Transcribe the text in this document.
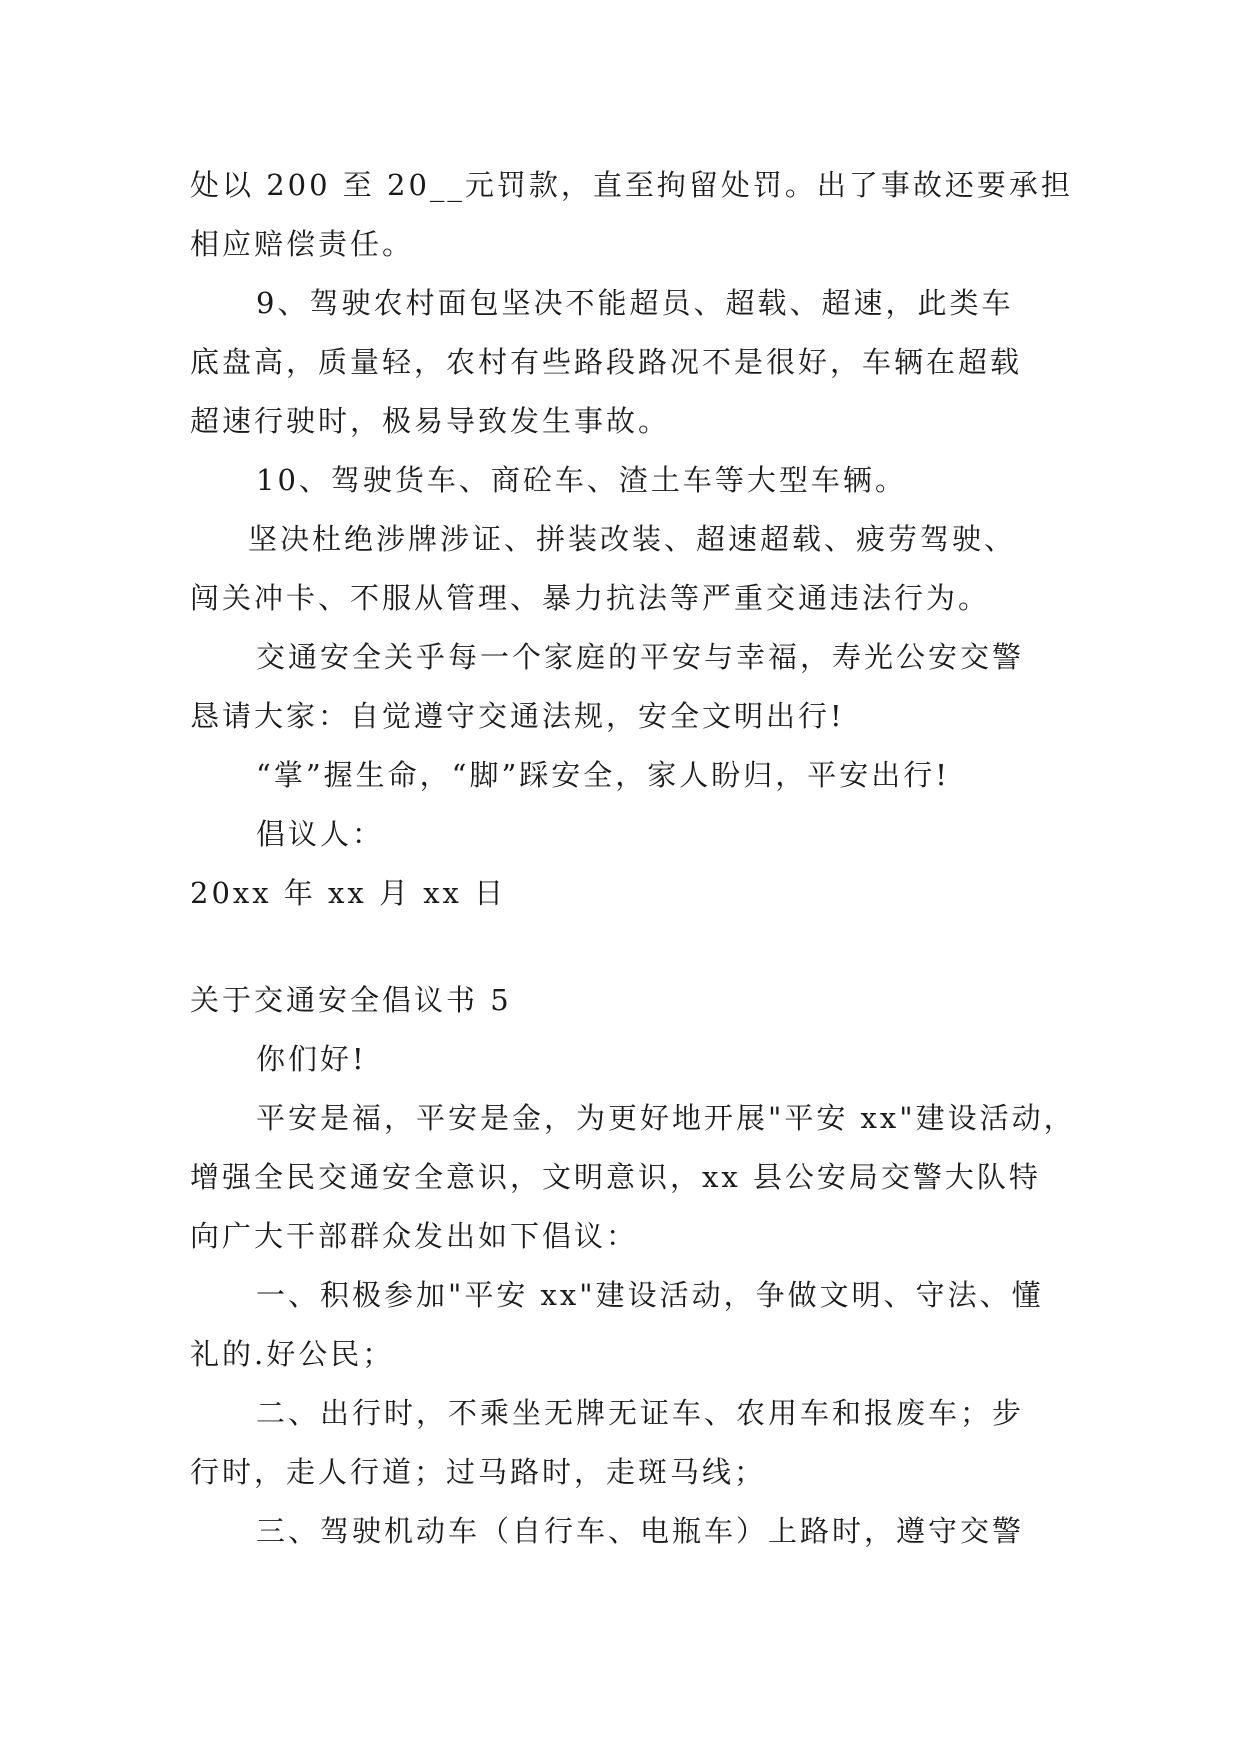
处以 200 至 20__元罚款，直至拘留处罚。出了事故还要承担
相应赔偿责任。
9、驾驶农村面包坚决不能超员、超载、超速，此类车
底盘高，质量轻，农村有些路段路况不是很好，车辆在超载
超速行驶时，极易导致发生事故。
10、驾驶货车、商砼车、渣土车等大型车辆。
坚决杜绝涉牌涉证、拼装改装、超速超载、疲劳驾驶、
闯关冲卡、不服从管理、暴力抗法等严重交通违法行为。
交通安全关乎每一个家庭的平安与幸福，寿光公安交警
恳请大家：自觉遵守交通法规，安全文明出行!
“掌”握生命，“脚”踩安全，家人盼归，平安出行!
倡议人：
20xx 年 xx 月 xx 日
关于交通安全倡议书 5
你们好!
平安是福，平安是金，为更好地开展"平安 xx"建设活动，
增强全民交通安全意识，文明意识，xx 县公安局交警大队特
向广大干部群众发出如下倡议：
一、积极参加"平安 xx"建设活动，争做文明、守法、懂
礼的.好公民；
二、出行时，不乘坐无牌无证车、农用车和报废车；步
行时，走人行道；过马路时，走斑马线；
三、驾驶机动车（自行车、电瓶车）上路时，遵守交警
